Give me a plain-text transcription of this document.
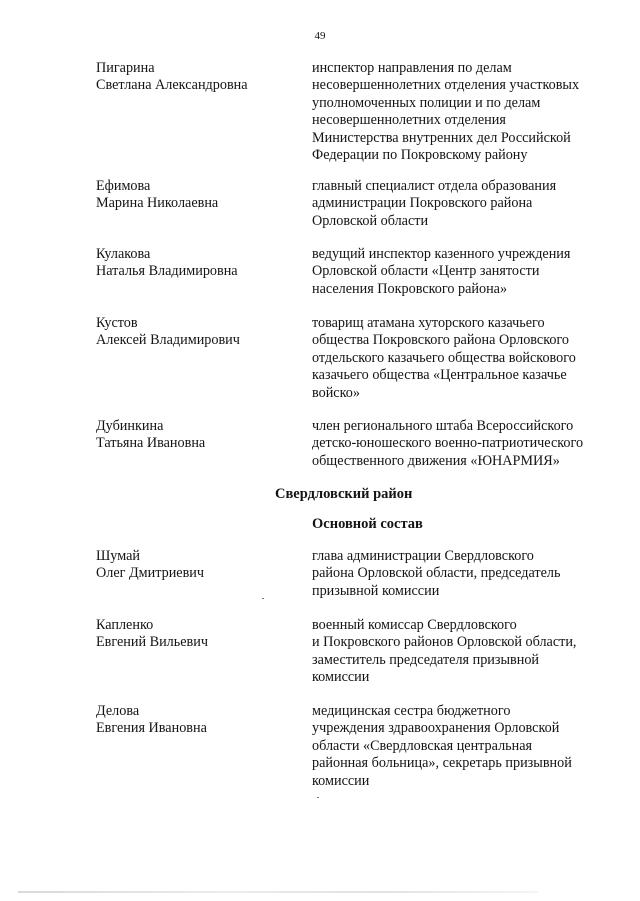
49
Пигарина
Светлана Александровна
инспектор направления по делам
несовершеннолетних отделения участковых
уполномоченных полиции и по делам
несовершеннолетних отделения
Министерства внутренних дел Российской
Федерации по Покровскому району
Ефимова
Марина Николаевна
главный специалист отдела образования
администрации Покровского района
Орловской области
Кулакова
Наталья Владимировна
ведущий инспектор казенного учреждения
Орловской области «Центр занятости
населения Покровского района»
Кустов
Алексей Владимирович
товарищ атамана хуторского казачьего
общества Покровского района Орловского
отдельского казачьего общества войскового
казачьего общества «Центральное казачье
войско»
Дубинкина
Татьяна Ивановна
член регионального штаба Всероссийского
детско-юношеского военно-патриотического
общественного движения «ЮНАРМИЯ»
Свердловский район
Основной состав
Шумай
Олег Дмитриевич
глава администрации Свердловского
района Орловской области, председатель
призывной комиссии
Капленко
Евгений Вильевич
военный комиссар Свердловского
и Покровского районов Орловской области,
заместитель председателя призывной
комиссии
Делова
Евгения Ивановна
медицинская сестра бюджетного
учреждения здравоохранения Орловской
области «Свердловская центральная
районная больница», секретарь призывной
комиссии
